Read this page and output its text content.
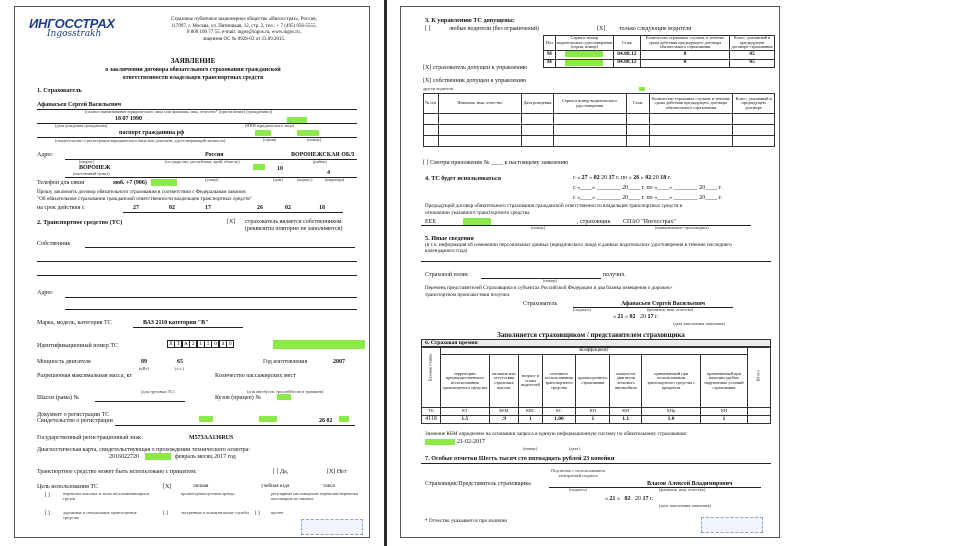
ИНГОССТРАХ
Ingosstrakh
Страховое публичное акционерное общество «Ингосстрах», Россия,
117997, г. Москва, ул. Пятницкая, 12, стр. 2, тел.: + 7 (495) 956-5555,
8 800 100 77 55, e-mail: ingos@ingos.ru, www.ingos.ru,
лицензия ОС № 0928-03 от 23.09.2015.
ЗАЯВЛЕНИЕ
о заключении договора обязательного страхования гражданской
ответственности владельцев транспортных средств
1. Страхователь
Афанасьев Сергей Васильевич
(полное наименование юридического лица или фамилия, имя, отчество* (при наличии) (гражданина))
18 07 1990
(дата рождения гражданина)	(ИНН юридического лица)
паспорт гражданина рф
(свидетельство о регистрации юридического лица или документ, удостоверяющий личность)	(серия)	(номер)
Адрес	Россия	ВОРОНЕЖСКАЯ ОБЛ
(индекс)	(государство, республика, край, область)	(район)
ВОРОНЕЖ	10
4
(населенный пункт)
(улица)	(дом)	(корпус)	(квартира)
Телефон для связи	моб. +7 (906)
Прошу заключить договор обязательного страхования в соответствии с Федеральным законом
"Об обязательном страховании гражданской ответственности владельцев транспортных средств"
на срок действия с	27	02	17	26	02	18
2. Транспортное средство (ТС)	[X] страхователь является собственником
(реквизиты повторно не заполняются)
Собственник
Адрес
Марка, модель, категория ТС	ВАЗ 2110 категории "В"
Идентификационный номер ТС	X T A 2 1 1 0 4 0
Мощность двигателя	89	65
(кВт)	(л.с.)
Год изготовления	2007
Разрешенная максимальная масса, кг
(для грузовых ТС)
Количество пассажирских мест
(для автобусов, троллейбусов и трамваев)
Шасси (рама) №	Кузов (прицеп) №
Документ о регистрации ТС
Свидетельство о регистрации	26 02
Государственный регистрационный знак	М573АА136RUS
Диагностическая карта, свидетельствующая о прохождении технического осмотра:
2016022720	февраль месяц 2017 год
Транспортное средство может быть использовано с прицепом:	[ ] Да,	[X] Нет
Цель использования ТС	[X]	личная	учебная езда	такси
перевозка опасных и легко воспламеняющихся грузов
прокат/краткосрочная аренда	регулярные пассажирские перевозки/перевозки пассажиров по заказам
дорожные и специальные транспортные средства
экстренные и коммунальные службы	прочее
[ ]
[ ]	[ ]	[ ]
3. К управлению ТС допущены:
[ ]	любые водители (без ограничений)	[X] только следующие водители
Пол	Серия и номер водительского удостоверения (серия, номер)	Стаж	Количество страховых случаев, в течение срока действия предыдущего договора обязательного страхования	Класс, указанный в предыдущем договоре страхования
М		04.08.12	0	05
М		04.08.12	0	05
[X] страхователь допущен к управлению
[X] собственник допущен к управлению
другие водители
№ п/п	Фамилия, имя, отчество	Дата рождения	Серия и номер водительского удостоверения	Стаж	Количество страховых случаев, в течение срока действия предыдущего договора обязательного страхования	Класс, указанный в предыдущем договоре

[ ] Смотри приложение № ____ к настоящему заявлению
4. ТС будет использоваться	с « 27 » 02 20 17 г. по « 26 » 02 20 18 г.
с «____» ________ 20____ г. по «____» ________ 20____ г.
с «____» ________ 20____ г. по «____» ________ 20____ г.
Предыдущий договор обязательного страхования гражданской ответственности владельцев транспортных средств в
отношении указанного транспортного средства
ЕЕЕ	, страховщик СПАО "Ингосстрах"
(номер)	(наименование страховщика)
5. Иные сведения
(в т.ч. информация об изменении персональных данных (юридического лица) и данных водительских удостоверения в течение последнего календарного года)
Страховой полис	получил.
(номер)
Перечень представителей Страховщика в субъектах Российской Федерации и два бланка извещения о дорожно-
транспортном происшествии получил.
Страхователь	Афанасьев Сергей Васильевич
(подпись)	(фамилия, имя, отчество)
« 21 » 02   20 17 г.
(дата заполнения заявления)
Заполняется страховщиком / представителем страховщика
6. Страховая премия
Базовая ставка	Коэффициент								Итого

	территории преимущественного использования транспортного средства	наличия или отсутствия страховых выплат	возраст и стажа водителей	сезонного использования транспортного средства	краткосрочного страхования	мощности двигателя легкового автомобиля	применяемый при использовании транспортного средства с прицепом	применяемый при наличии грубых нарушениях условий страхования	
ТБ	КТ	КБМ	КВС	КС	КП	КМ	КПр	КН	
4118	1.5	.9	1	1.00	1	1.1	1.0	1	
Значение КБМ определено на основании запроса в единую информационную систему по обязательному страхованию:
21-02-2017
(номер)	(дата)
7. Особые отметки Шесть тысяч сто пятнадцать рублей 23 копейки
Подписано с использованием электронной подписи
Страховщик/Представитель страховщика	Власов Алексей Владимирович
(подпись)	(фамилия, имя, отчество)
« 21 »   02   20 17 г.
(дата заполнения заявления)
* Отчество указывается при наличии
